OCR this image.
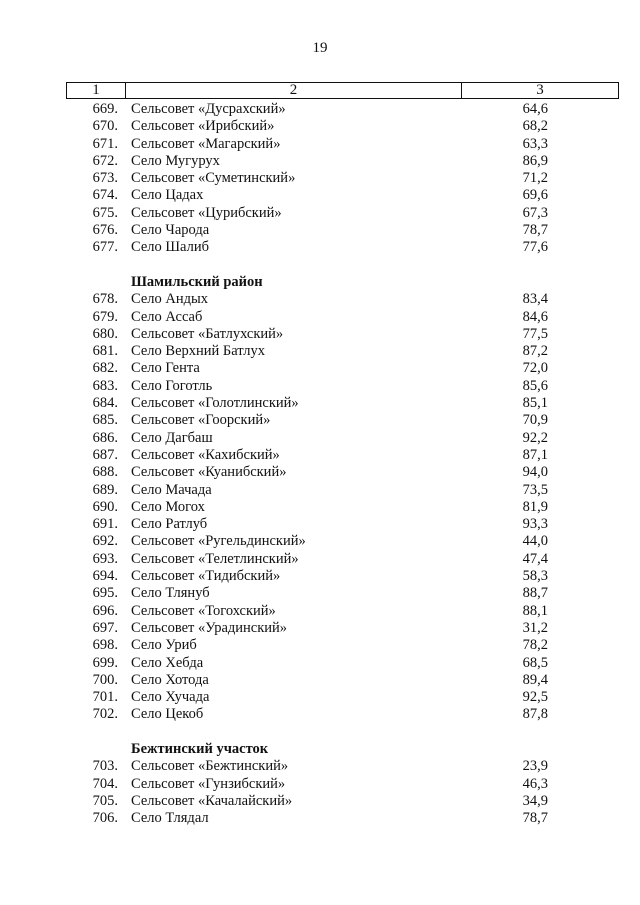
19
1	2	3
669. Сельсовет «Дусрахский»	64,6
670. Сельсовет «Ирибский»	68,2
671. Сельсовет «Магарский»	63,3
672. Село Мугурух	86,9
673. Сельсовет «Суметинский»	71,2
674. Село Цадах	69,6
675. Сельсовет «Цурибский»	67,3
676. Село Чарода	78,7
677. Село Шалиб	77,6
Шамильский район
678. Село Андых	83,4
679. Село Ассаб	84,6
680. Сельсовет «Батлухский»	77,5
681. Село Верхний Батлух	87,2
682. Село Гента	72,0
683. Село Гоготль	85,6
684. Сельсовет «Голотлинский»	85,1
685. Сельсовет «Гоорский»	70,9
686. Село Дагбаш	92,2
687. Сельсовет «Кахибский»	87,1
688. Сельсовет «Куанибский»	94,0
689. Село Мачада	73,5
690. Село Могох	81,9
691. Село Ратлуб	93,3
692. Сельсовет «Ругельдинский»	44,0
693. Сельсовет «Телетлинский»	47,4
694. Сельсовет «Тидибский»	58,3
695. Село Тлянуб	88,7
696. Сельсовет «Тогохский»	88,1
697. Сельсовет «Урадинский»	31,2
698. Село Уриб	78,2
699. Село Хебда	68,5
700. Село Хотода	89,4
701. Село Хучада	92,5
702. Село Цекоб	87,8
Бежтинский участок
703. Сельсовет «Бежтинский»	23,9
704. Сельсовет «Гунзибский»	46,3
705. Сельсовет «Качалайский»	34,9
706. Село Тлядал	78,7
